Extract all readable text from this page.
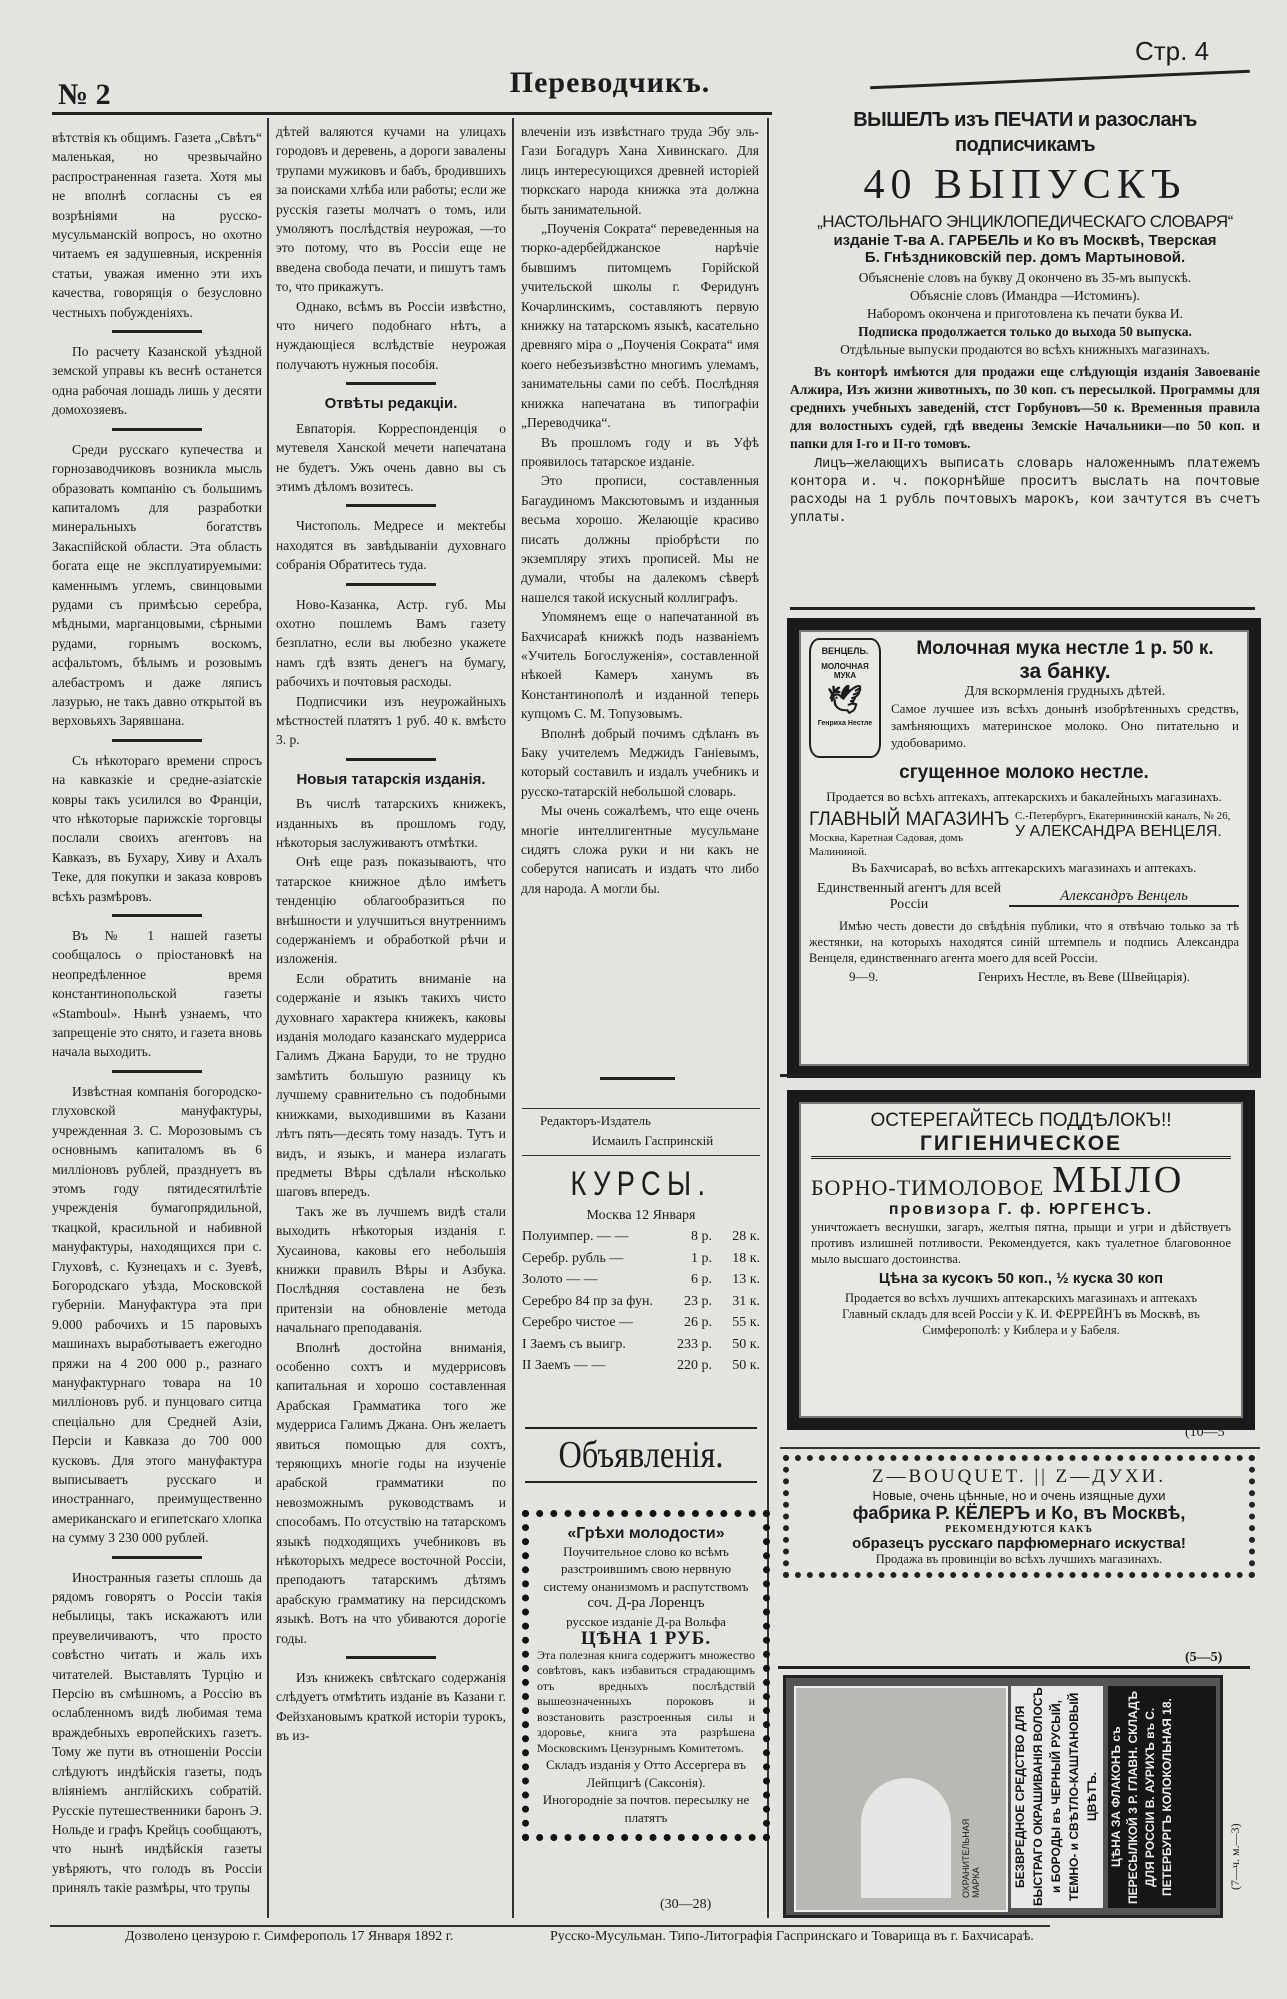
№ 2	Переводчикъ.
Стр. 4

вѣтствія къ общимъ. Газета „Свѣтъ“ маленькая, но чрезвычайно распространенная газета. Хотя мы не вполнѣ согласны съ ея возрѣніями на русско-мусульманскій вопросъ, но охотно читаемъ ея задушевныя, искреннія статьи, уважая именно эти ихъ качества, говорящія о безусловно честныхъ побужденіяхъ.

По расчету Казанской уѣздной земской управы къ веснѣ останется одна рабочая лошадь лишь у десяти домохозяевъ.

Среди русскаго купечества и горнозаводчиковъ возникла мысль образовать компанію съ большимъ капиталомъ для разработки минеральныхъ богатствъ Закаспійской области. Эта область богата еще не эксплуатируемыми: каменнымъ углемъ, свинцовыми рудами съ примѣсью серебра, мѣдными, марганцовыми, сѣрными рудами, горнымъ воскомъ, асфальтомъ, бѣлымъ и розовымъ алебастромъ и даже ляписъ лазурью, не такъ давно открытой въ верховьяхъ Зарявшана.

Съ нѣкотораго времени спросъ на кавказкіе и средне-азіатскіе ковры такъ усилился во Франціи, что нѣкоторые парижскіе торговцы послали своихъ агентовъ на Кавказъ, въ Бухару, Хиву и Ахалъ Теке, для покупки и заказа ковровъ всѣхъ размѣровъ.

Въ № 1 нашей газеты сообщалось о пріостановкѣ на неопредѣленное время константинопольской газеты «Stamboul». Нынѣ узнаемъ, что запрещеніе это снято, и газета вновь начала выходить.

Извѣстная компанія богородско-глуховской мануфактуры, учрежденная З. С. Морозовымъ съ основнымъ капиталомъ въ 6 милліоновъ рублей, празднуетъ въ этомъ году пятидесятилѣтіе учрежденія бумагопрядильной, ткацкой, красильной и набивной мануфактуры, находящихся при с. Глуховѣ, с. Кузнецахъ и с. Зуевѣ, Богородскаго уѣзда, Московской губерніи. Мануфактура эта при 9.000 рабочихъ и 15 паровыхъ машинахъ выработываетъ ежегодно пряжи на 4 200 000 р., разнаго мануфактурнаго товара на 10 милліоновъ руб. и пунцоваго ситца спеціально для Средней Азіи, Персіи и Кавказа до 700 000 кусковъ. Для этого мануфактура выписываетъ русскаго и иностраннаго, преимущественно американскаго и египетскаго хлопка на сумму 3 230 000 рублей.

Иностранныя газеты сплошь да рядомъ говорятъ о Россіи такія небылицы, такъ искажаютъ или преувеличиваютъ, что просто совѣстно читать и жаль ихъ читателей. Выставлять Турцію и Персію въ смѣшномъ, а Россію въ ослабленномъ видѣ любимая тема враждебныхъ европейскихъ газетъ. Тому же пути въ отношеніи Россіи слѣдуютъ индѣйскія газеты, подъ вліяніемъ англійскихъ собратій. Русскіе путешественники баронъ Э. Нольде и графъ Крейцъ сообщаютъ, что нынѣ индѣйскія газеты увѣряютъ, что голодъ въ Россіи принялъ такіе размѣры, что трупы

дѣтей валяются кучами на улицахъ городовъ и деревень, а дороги завалены трупами мужиковъ и бабъ, бродившихъ за поисками хлѣба или работы; если же русскія газеты молчатъ о томъ, или умоляютъ послѣдствія неурожая, —то это потому, что въ Россіи еще не введена свобода печати, и пишутъ тамъ то, что прикажутъ.

Однако, всѣмъ въ Россіи извѣстно, что ничего подобнаго нѣтъ, а нуждающіеся вслѣдствіе неурожая получаютъ нужныя пособія.

Отвѣты редакціи.

Евпаторія. Корреспонденція о мутевеля Ханской мечети напечатана не будетъ. Ужъ очень давно вы съ этимъ дѣломъ возитесь.

Чистополь. Медресе и мектебы находятся въ завѣдываніи духовнаго собранія Обратитесь туда.

Ново-Казанка, Астр. губ. Мы охотно пошлемъ Вамъ газету безплатно, если вы любезно укажете намъ гдѣ взять денегъ на бумагу, рабочихъ и почтовыя расходы.

Подписчики изъ неурожайныхъ мѣстностей платятъ 1 руб. 40 к. вмѣсто 3. р.

Новыя татарскія изданія.

Въ числѣ татарскихъ книжекъ, изданныхъ въ прошломъ году, нѣкоторыя заслуживаютъ отмѣтки.

Онѣ еще разъ показываютъ, что татарское книжное дѣло имѣетъ тенденцію облагообразиться по внѣшности и улучшиться внутреннимъ содержаніемъ и обработкой рѣчи и изложенія.

Если обратить вниманіе на содержаніе и языкъ такихъ чисто духовнаго характера книжекъ, каковы изданія молодаго казанскаго мудерриса Галимъ Джана Баруди, то не трудно замѣтить большую разницу къ лучшему сравнительно съ подобными книжками, выходившими въ Казани лѣтъ пять—десять тому назадъ. Тутъ и видъ, и языкъ, и манера излагать предметы Вѣры сдѣлали нѣсколько шаговъ впередъ.

Такъ же въ лучшемъ видѣ стали выходить нѣкоторыя изданія г. Хусаинова, каковы его небольшія книжки правилъ Вѣры и Азбука. Послѣдняя составлена не безъ притензіи на обновленіе метода начальнаго преподаванія.

Вполнѣ достойна вниманія, особенно сохтъ и мудеррисовъ капитальная и хорошо составленная Арабская Грамматика того же мудерриса Галимъ Джана. Онъ желаетъ явиться помощью для сохтъ, теряющихъ многіе годы на изученіе арабской грамматики по невозможнымъ руководствамъ и способамъ. По отсуствію на татарскомъ языкѣ подходящихъ учебниковъ въ нѣкоторыхъ медресе восточной Россіи, преподаютъ татарскимъ дѣтямъ арабскую грамматику на персидскомъ языкѣ. Вотъ на что убиваются дорогіе годы.

Изъ книжекъ свѣтскаго содержанія слѣдуетъ отмѣтить изданіе въ Казани г. Фейзхановымъ краткой исторіи турокъ, въ из-

влеченіи изъ извѣстнаго труда Эбу эль-Гази Богадуръ Хана Хивинскаго. Для лицъ интересующихся древней исторіей тюркскаго народа книжка эта должна быть занимательной.

„Поученія Сократа“ переведенныя на тюрко-адербейджанское нарѣчіе бывшимъ питомцемъ Горійской учительской школы г. Феридунъ Кочарлинскимъ, составляютъ первую книжку на татарскомъ языкѣ, касательно древняго міра о „Поученія Сократа“ имя коего небезъизвѣстно многимъ улемамъ, занимательны сами по себѣ. Послѣдняя книжка напечатана въ типографіи „Переводчика“.

Въ прошломъ году и въ Уфѣ проявилось татарское изданіе.

Это прописи, составленныя Багаудиномъ Максютовымъ и изданныя весьма хорошо. Желающіе красиво писать должны пріобрѣсти по экземпляру этихъ прописей. Мы не думали, чтобы на далекомъ сѣверѣ нашелся такой искусный коллиграфъ.

Упомянемъ еще о напечатанной въ Бахчисараѣ книжкѣ подъ названіемъ «Учитель Богослуженія», составленной нѣкоей Камеръ ханумъ въ Константинополѣ и изданной теперь купцомъ С. М. Топузовымъ.

Вполнѣ добрый почимъ сдѣланъ въ Баку учителемъ Меджидъ Ганіевымъ, который составилъ и издалъ учебникъ и русско-татарскій небольшой словарь.

Мы очень сожалѣемъ, что еще очень многіе интеллигентные мусульмане сидятъ сложа руки и ни какъ не соберутся написать и издать что либо для народа. А могли бы.

Редакторъ-Издатель
Исмаилъ Гаспринскій
КУРСЫ.
Москва 12 Января
Полуимпер. — —	8 р.	28 к.
Серебр. рубль —	1 р.	18 к.
Золото — —	6 р.	13 к.
Серебро 84 пр за фун.	23 р.	31 к.
Серебро чистое —	26 р.	55 к.
I Заемъ съ выигр.	233 р.	50 к.
II Заемъ — —	220 р.	50 к.
Объявленія.
«Грѣхи молодости»
Поучительное слово ко всѣмъ разстроившимъ свою нервную систему онанизмомъ и распутствомъ
соч. Д-ра Лоренцъ
русское изданіе Д-ра Вольфа
ЦѢНА 1 РУБ.
Эта полезная книга содержитъ множество совѣтовъ, какъ избавиться страдающимъ отъ вредныхъ послѣдствій вышеозначенныхъ пороковъ и возстановить разстроенныя силы и здоровье, книга эта разрѣшена Московскимъ Цензурнымъ Комитетомъ.
Складъ изданія у Отто Ассергера въ Лейпцигѣ (Саксонія).
Иногородніе за почтов. пересылку не платятъ
(30—28)
ВЫШЕЛЪ изъ ПЕЧАТИ и разосланъ подписчикамъ
40 ВЫПУСКЪ
„НАСТОЛЬНАГО ЭНЦИКЛОПЕДИЧЕСКАГО СЛОВАРЯ“
изданіе Т-ва А. ГАРБЕЛЬ и Ко въ Москвѣ, Тверская
Б. Гнѣздниковскій пер. домъ Мартыновой.
Объясненіе словъ на букву Д окончено въ 35-мъ выпускѣ.
Объясніе словъ (Имандра —Истоминъ).
Наборомъ окончена и приготовлена къ печати буква И.
Подписка продолжается только до выхода 50 выпуска.
Отдѣльные выпуски продаются во всѣхъ книжныхъ магазинахъ.
Въ конторѣ имѣются для продажи еще слѣдующія изданія Завоеваніе Алжира, Изъ жизни животныхъ, по 30 коп. съ пересылкой. Программы для среднихъ учебныхъ заведеній, стст Горбуновъ—50 к. Временныя правила для волостныхъ судей, гдѣ введены Земскіе Начальники—по 50 коп. и папки для I-го и II-го томовъ.
Лицъ—желающихъ выписать словарь наложеннымъ платежемъ контора и. ч. покорнѣйше проситъ выслать на почтовые расходы на 1 рубль почтовыхъ марокъ, кои зачтутся въ счетъ уплаты.
ВЕНЦЕЛЬ.
МОЛОЧНАЯ МУКА
🕊
Генриха Нестле
Молочная мука нестле 1 р. 50 к.
за банку.
Для вскормленія грудныхъ дѣтей.
Самое лучшее изъ всѣхъ донынѣ изобрѣтенныхъ средствъ, замѣняющихъ материнское молоко. Оно питательно и удобоваримо.
сгущенное молоко нестле.
Продается во всѣхъ аптекахъ, аптекарскихъ и бакалейныхъ магазинахъ.
ГЛАВНЫЙ МАГАЗИНЪ
Москва, Каретная Садовая, домъ Малининой.
С.-Петербургъ, Екатерининскій каналъ, № 26,
У АЛЕКСАНДРА ВЕНЦЕЛЯ.
Въ Бахчисараѣ, во всѣхъ аптекарскихъ магазинахъ и аптекахъ.
Единственный агентъ для всей Россіи
Александръ Венцель
Имѣю честь довести до свѣдѣнія публики, что я отвѣчаю только за тѣ жестянки, на которыхъ находятся синій штемпель и подпись Александра Венцеля, единственнаго агента моего для всей Россіи.
9—9.	Генрихъ Нестле, въ Веве (Швейцарія).
ОСТЕРЕГАЙТЕСЬ ПОДДѢЛОКЪ!!
ГИГІЕНИЧЕСКОЕ
БОРНО-ТИМОЛОВОЕ МЫЛО
провизора Г. ф. ЮРГЕНСЪ.
уничтожаетъ веснушки, загаръ, желтыя пятна, прыщи и угри и дѣйствуетъ противъ излишней потливости. Рекомендуется, какъ туалетное благовонное мыло высшаго достоинства.
Цѣна за кусокъ 50 коп., ½ куска 30 коп
Продается во всѣхъ лучшихъ аптекарскихъ магазинахъ и аптекахъ
Главный складъ для всей Россіи у К. И. ФЕРРЕЙНЪ въ Москвѣ, въ Симферополѣ: у Киблера и у Бабеля.
(10—5
Z—BOUQUET. || Z—ДУХИ.
Новые, очень цѣнные, но и очень изящные духи
фабрика Р. КЁЛЕРЪ и Ко, въ Москвѣ,
РЕКОМЕНДУЮТСЯ КАКЪ
образецъ русскаго парфюмернаго искуства!
Продажа въ провинціи во всѣхъ лучшихъ магазинахъ.
(5—5)
ОХРАНИТЕЛЬНАЯ МАРКА	БЕЗВРЕДНОЕ СРЕДСТВО ДЛЯ БЫСТРАГО ОКРАШИВАНІЯ ВОЛОСЪ и БОРОДЫ въ ЧЕРНЫЙ РУСЫЙ, ТЕМНО- и СВѢТЛО-КАШТАНОВЫЙ ЦВѢТЪ. ЦѢНА ЗА ФЛАКОНЪ съ ПЕРЕСЫЛКОЙ 3 Р. ГЛАВН. СКЛАДЪ ДЛЯ РОССІИ В. АУРИХЪ въ С. ПЕТЕРБУРГЪ КОЛОКОЛЬНАЯ 18.	(7—ч. м.—3)
Дозволено цензурою г. Симферополь 17 Января 1892 г.	Русско-Мусульман. Типо-Литографія Гаспринскаго и Товарища въ г. Бахчисараѣ.
